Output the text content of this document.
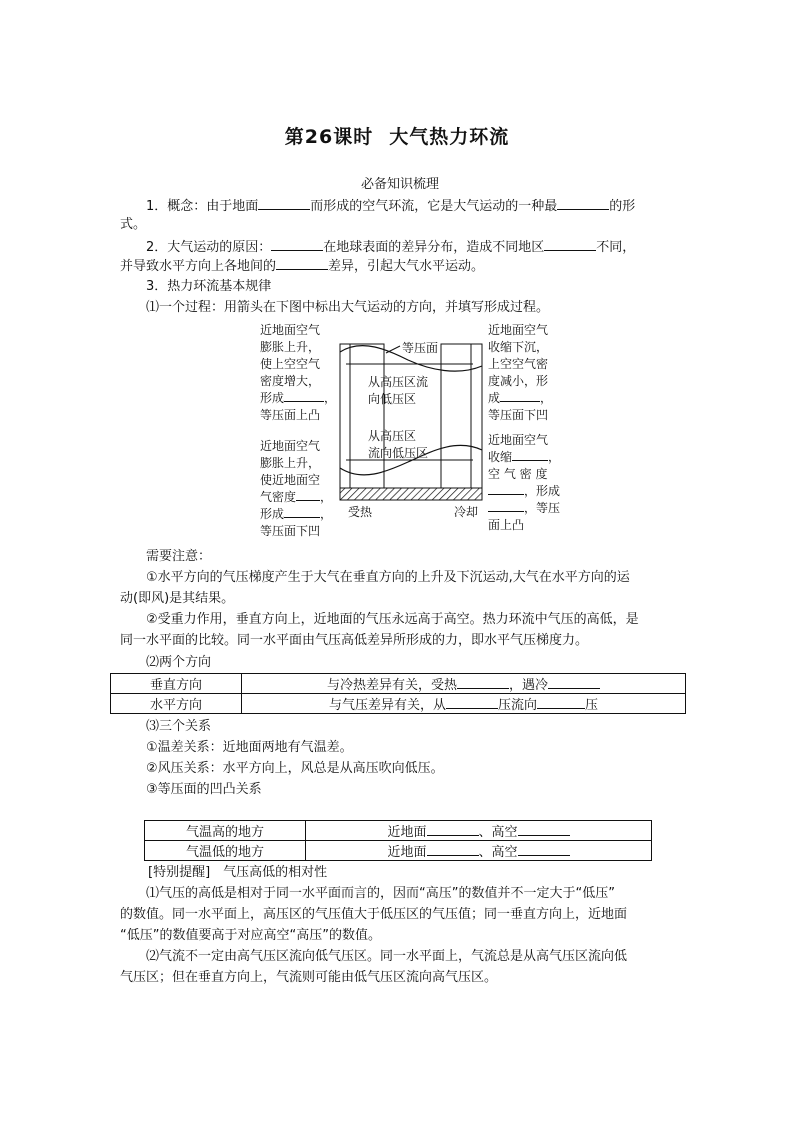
第26课时 大气热力环流
必备知识梳理
1．概念：由于地面	而形成的空气环流，它是大气运动的一种最	的形
式。
2．大气运动的原因：	在地球表面的差异分布，造成不同地区	不同，
并导致水平方向上各地间的	差异，引起大气水平运动。
3．热力环流基本规律
⑴一个过程：用箭头在下图中标出大气运动的方向，并填写形成过程。
近地面空气
膨胀上升，
使上空空气
密度增大，
形成	，
等压面上凸
近地面空气
膨胀上升，
使近地面空
气密度 ，
形成	，
等压面下凹
近地面空气
收缩下沉，
上空空气密
度减小，形
成	，
等压面下凹
近地面空气
收缩	，
空 气 密 度
，形成
，等压
面上凸
等压面
从高压区流
向低压区
从高压区
流向低压区
受热	冷却
需要注意：
①水平方向的气压梯度产生于大气在垂直方向的上升及下沉运动,大气在水平方向的运
动(即风)是其结果。
②受重力作用，垂直方向上，近地面的气压永远高于高空。热力环流中气压的高低，是
同一水平面的比较。同一水平面由气压高低差异所形成的力，即水平气压梯度力。
⑵两个方向
垂直方向	与冷热差异有关，受热 ，遇冷
水平方向	与气压差异有关，从 压流向 压
⑶三个关系
①温差关系：近地面两地有气温差。
②风压关系：水平方向上，风总是从高压吹向低压。
③等压面的凹凸关系
气温高的地方	近地面 、高空
气温低的地方	近地面 、高空
[特别提醒]　气压高低的相对性
⑴气压的高低是相对于同一水平面而言的，因而“高压”的数值并不一定大于“低压”
的数值。同一水平面上，高压区的气压值大于低压区的气压值；同一垂直方向上，近地面
“低压”的数值要高于对应高空“高压”的数值。
⑵气流不一定由高气压区流向低气压区。同一水平面上，气流总是从高气压区流向低
气压区；但在垂直方向上，气流则可能由低气压区流向高气压区。
